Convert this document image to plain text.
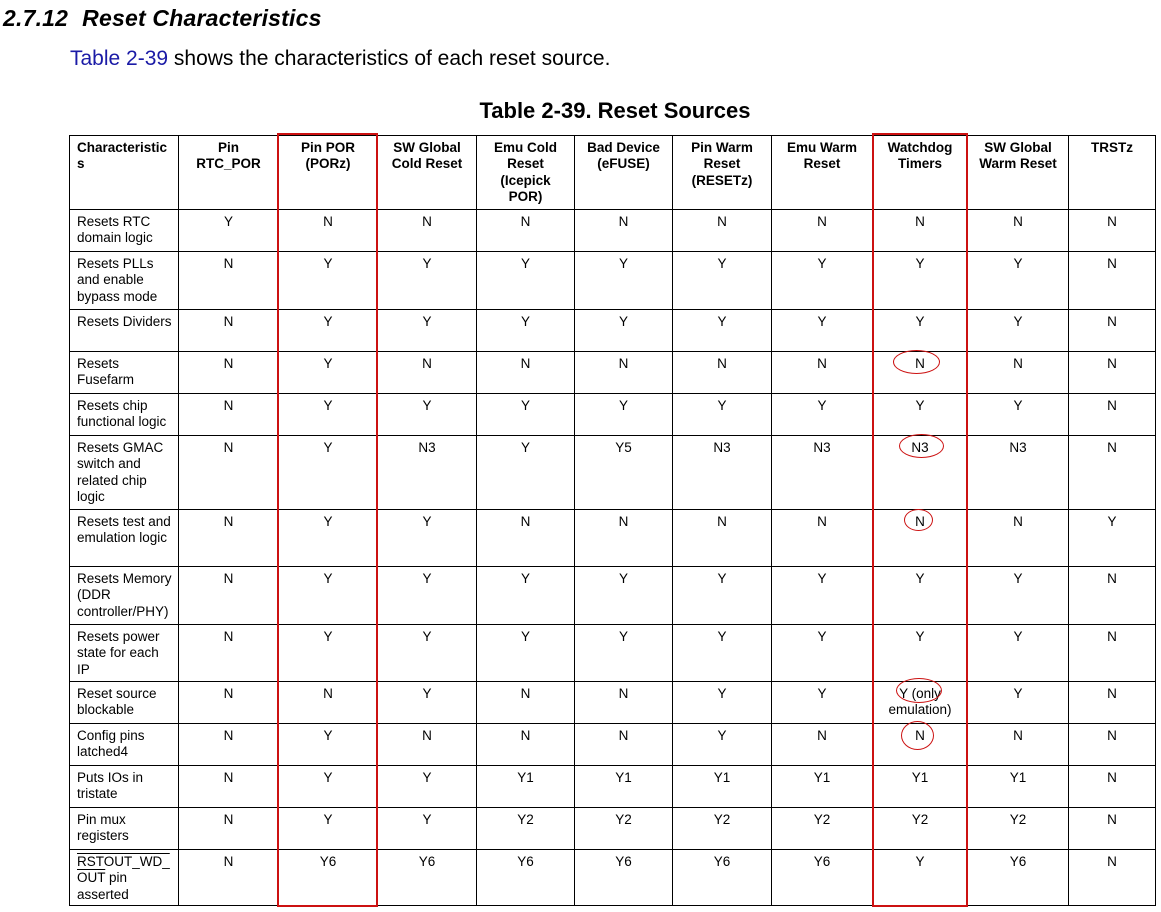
2.7.12 Reset Characteristics
Table 2-39 shows the characteristics of each reset source.
Table 2-39. Reset Sources
Characteristic s	Pin RTC_POR	Pin POR (PORz)	SW Global Cold Reset	Emu Cold Reset (Icepick POR)	Bad Device (eFUSE)	Pin Warm Reset (RESETz)	Emu Warm Reset	Watchdog Timers	SW Global Warm Reset	TRSTz
Resets RTC domain logic	Y	N	N	N	N	N	N	N	N	N
Resets PLLs and enable bypass mode	N	Y	Y	Y	Y	Y	Y	Y	Y	N
Resets Dividers	N	Y	Y	Y	Y	Y	Y	Y	Y	N
Resets Fusefarm	N	Y	N	N	N	N	N	N	N	N
Resets chip functional logic	N	Y	Y	Y	Y	Y	Y	Y	Y	N
Resets GMAC switch and related chip logic	N	Y	N3	Y	Y5	N3	N3	N3	N3	N
Resets test and emulation logic	N	Y	Y	N	N	N	N	N	N	Y
Resets Memory (DDR controller/PHY)	N	Y	Y	Y	Y	Y	Y	Y	Y	N
Resets power state for each IP	N	Y	Y	Y	Y	Y	Y	Y	Y	N
Reset source blockable	N	N	Y	N	N	Y	Y	Y (only emulation)	Y	N
Config pins latched4	N	Y	N	N	N	Y	N	N	N	N
Puts IOs in tristate	N	Y	Y	Y1	Y1	Y1	Y1	Y1	Y1	N
Pin mux registers	N	Y	Y	Y2	Y2	Y2	Y2	Y2	Y2	N
RSTOUT_WD_ OUT pin asserted	N	Y6	Y6	Y6	Y6	Y6	Y6	Y	Y6	N
